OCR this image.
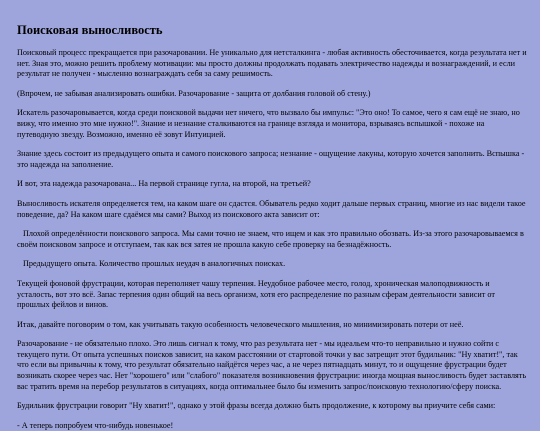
Поисковая выносливость

Поисковый процесс прекращается при разочаровании. Не уникально для нетсталкинга - любая активность обесточивается, когда результата нет и нет. Зная это, можно решить проблему мотивации: мы просто должны продолжать подавать электричество надежды и вознаграждений, и если результат не получен - мысленно вознаграждать себя за саму решимость.

(Впрочем, не забывая анализировать ошибки. Разочарование - защита от долбания головой об стену.)

Искатель разочаровывается, когда среди поисковой выдачи нет ничего, что вызвало бы импульс: "Это оно! То самое, чего я сам ещё не знаю, но вижу, что именно это мне нужно!". Знание и незнание сталкиваются на границе взгляда и монитора, взрываясь вспышкой - похоже на путеводную звезду. Возможно, именно её зовут Интуицией.

Знание здесь состоит из предыдущего опыта и самого поискового запроса; незнание - ощущение лакуны, которую хочется заполнить. Вспышка - это надежда на заполнение.

И вот, эта надежда разочарована... На первой странице гугла, на второй, на третьей?

Выносливость искателя определяется тем, на каком шаге он сдастся. Обыватель редко ходит дальше первых страниц, многие из нас видели такое поведение, да? На каком шаге сдаёмся мы сами? Выход из поискового акта зависит от:

Плохой определённости поискового запроса. Мы сами точно не знаем, что ищем и как это правильно обозвать. Из-за этого разочаровываемся в своём поисковом запросе и отступаем, так как вся затея не прошла какую себе проверку на безнадёжность.

Предыдущего опыта. Количество прошлых неудач в аналогичных поисках.

Текущей фоновой фрустрации, которая переполняет чашу терпения. Неудобное рабочее место, голод, хроническая малоподвижность и усталость, вот это всё. Запас терпения один общий на весь организм, хотя его распределение по разным сферам деятельности зависит от прошлых фейлов и винов.

Итак, давайте поговорим о том, как учитывать такую особенность человеческого мышления, но минимизировать потери от неё.

Разочарование - не обязательно плохо. Это лишь сигнал к тому, что раз результата нет - мы идеальем что-то неправильно и нужно сойти с текущего пути. От опыта успешных поисков зависит, на каком расстоянии от стартовой точки у вас затрещит этот будильник: "Ну хватит!", так что если вы привычны к тому, что результат обязательно найдётся через час, а не через пятнадцать минут, то и ощущение фрустрации будет возникать скорее через час. Нет "хорошего" или "слабого" показателя возникновения фрустрации: иногда мощная выносливость будет заставлять вас тратить время на перебор результатов в ситуациях, когда оптимальнее было бы изменить запрос/поисковую технологию/сферу поиска.

Будильник фрустрации говорит "Ну хватит!", однако у этой фразы всегда должно быть продолжение, к которому вы приучите себя сами:

- А теперь попробуем что-нибудь новенькое!
